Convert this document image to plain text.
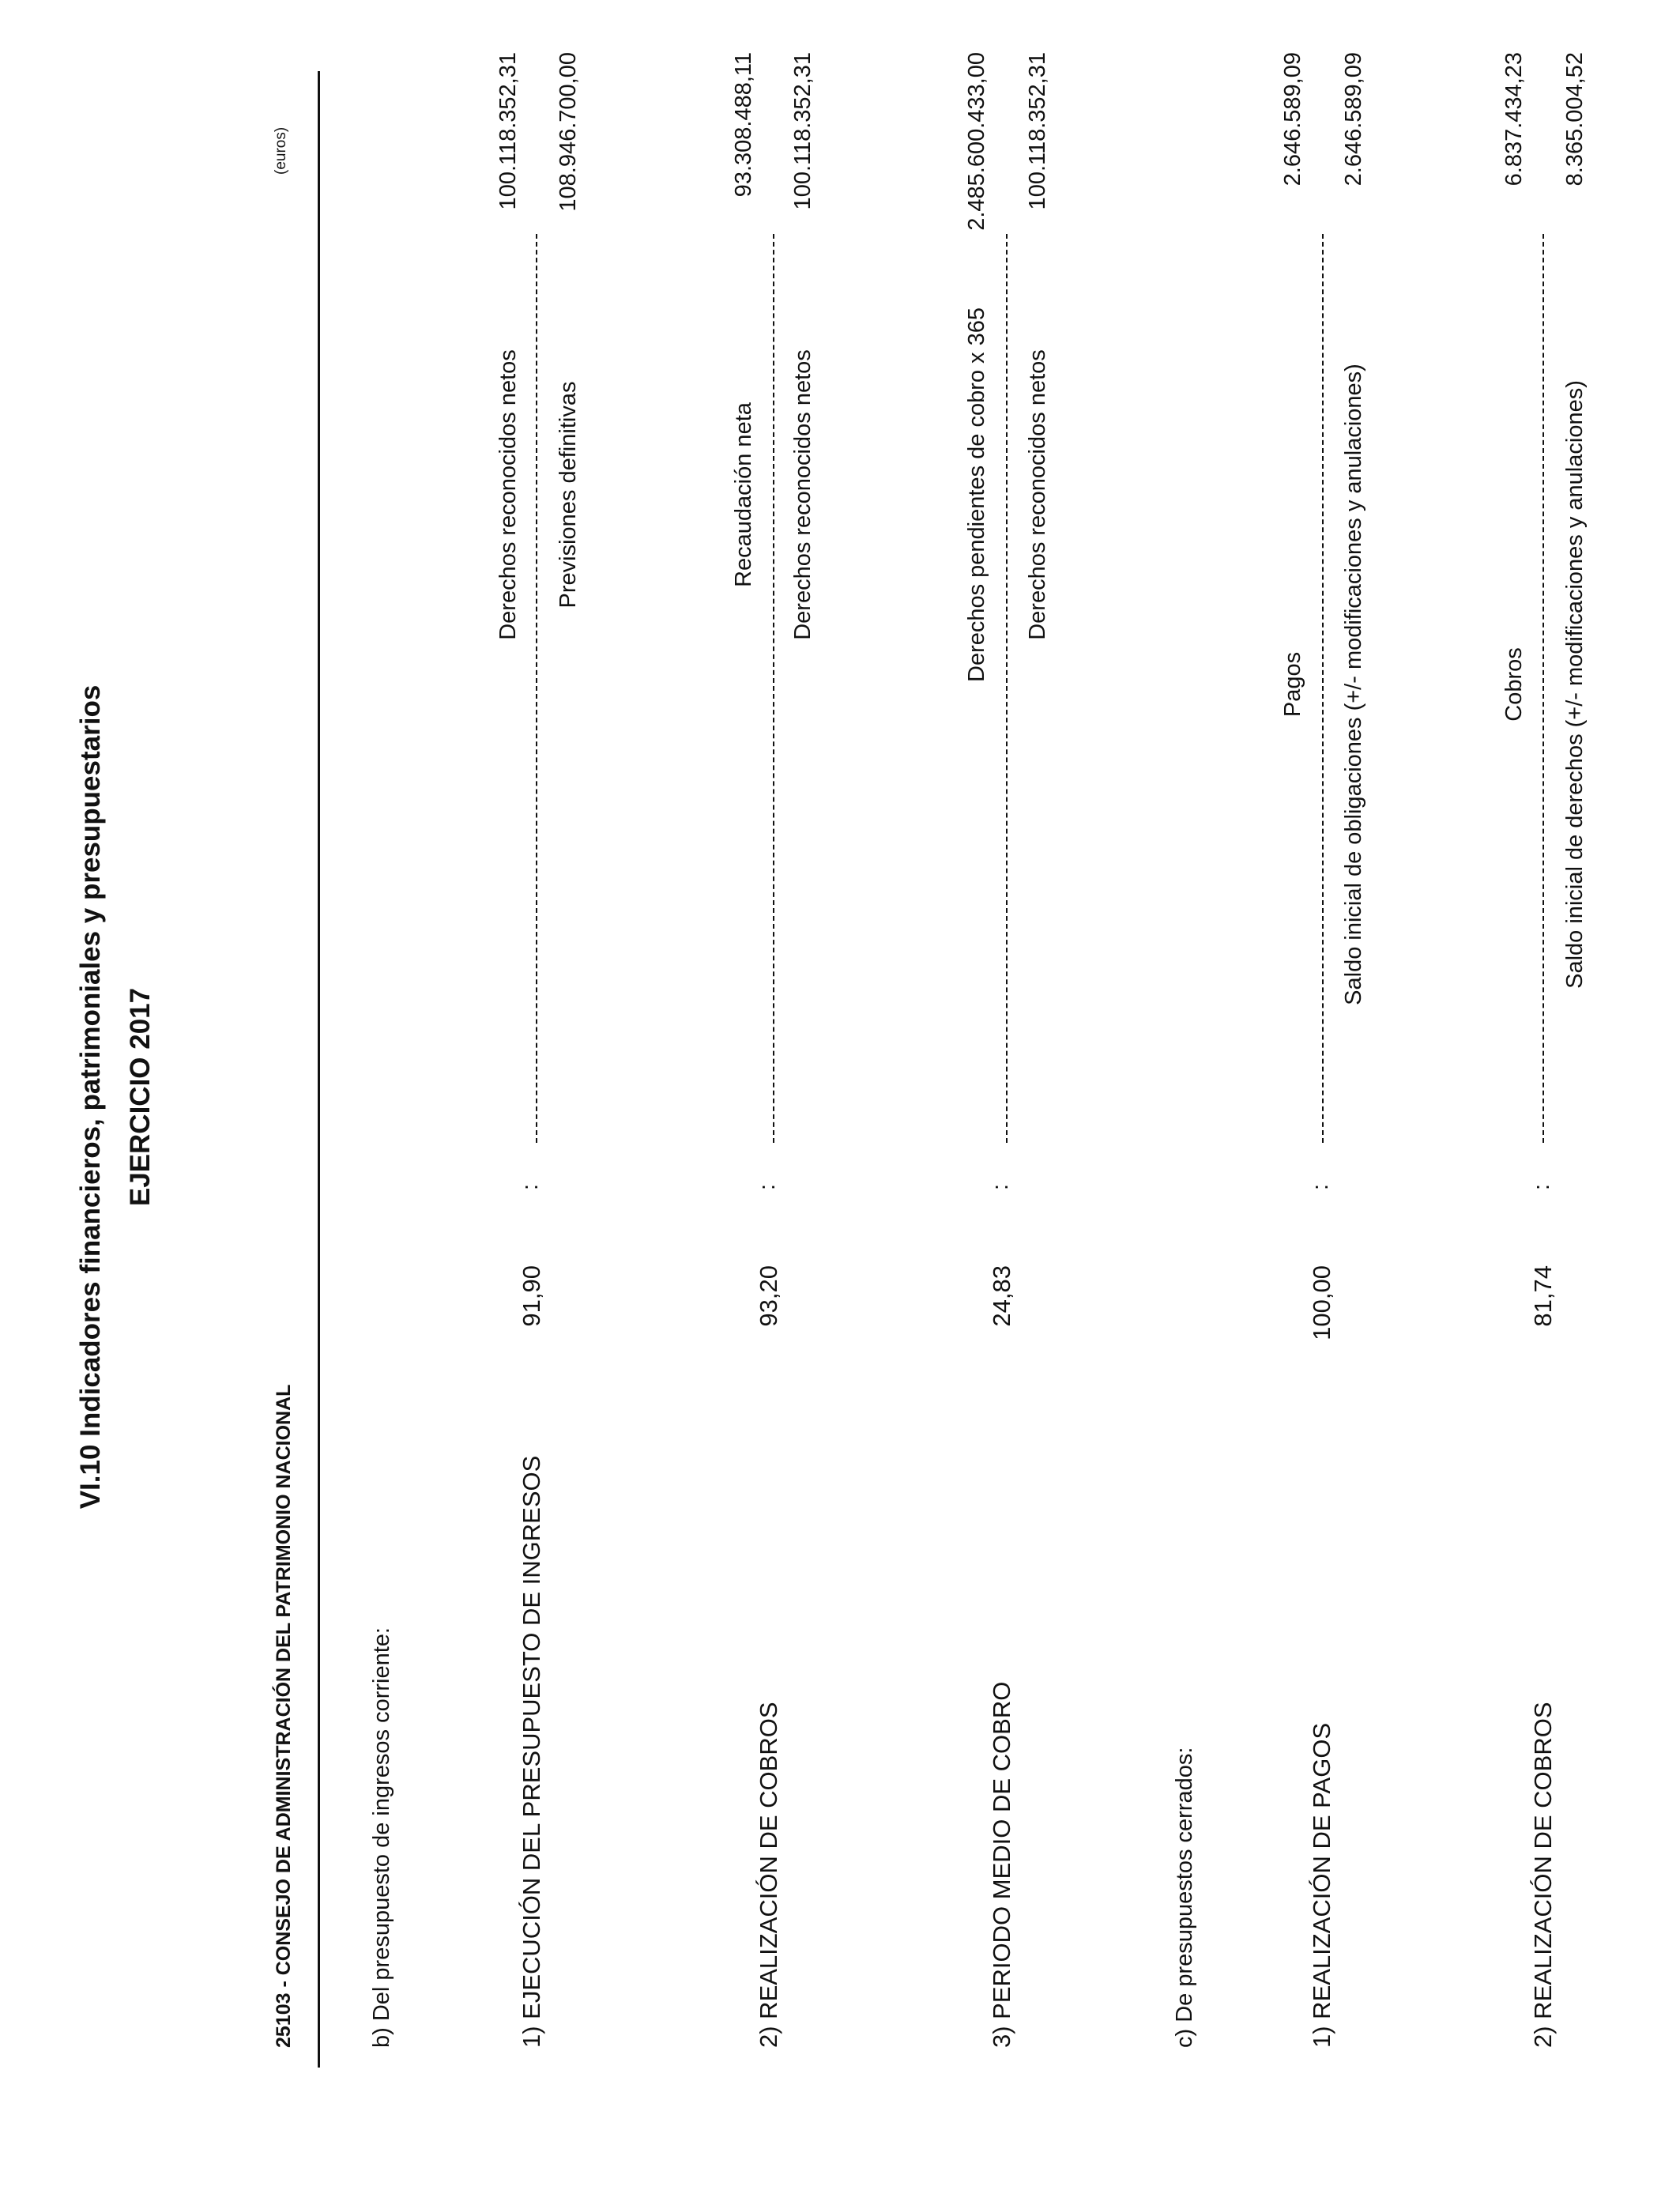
VI.10 Indicadores financieros, patrimoniales y presupuestarios EJERCICIO 2017
25103 - CONSEJO DE ADMINISTRACIÓN DEL PATRIMONIO NACIONAL
(euros)
b) Del presupuesto de ingresos corriente:	1) EJECUCIÓN DEL PRESUPUESTO DE INGRESOS
91,90
:
Derechos reconocidos netos Previsiones definitivas
100.118.352,31 108.946.700,00
2) REALIZACIÓN DE COBROS
93,20
:
Recaudación neta Derechos reconocidos netos
93.308.488,11 100.118.352,31
3) PERIODO MEDIO DE COBRO
24,83
:
Derechos pendientes de cobro x 365 Derechos reconocidos netos
2.485.600.433,00 100.118.352,31
c) De presupuestos cerrados:	1) REALIZACIÓN DE PAGOS
100,00
:
Pagos Saldo inicial de obligaciones (+/- modificaciones y anulaciones)
2.646.589,09 2.646.589,09
2) REALIZACIÓN DE COBROS
81,74
:
Cobros Saldo inicial de derechos (+/- modificaciones y anulaciones)
6.837.434,23 8.365.004,52
